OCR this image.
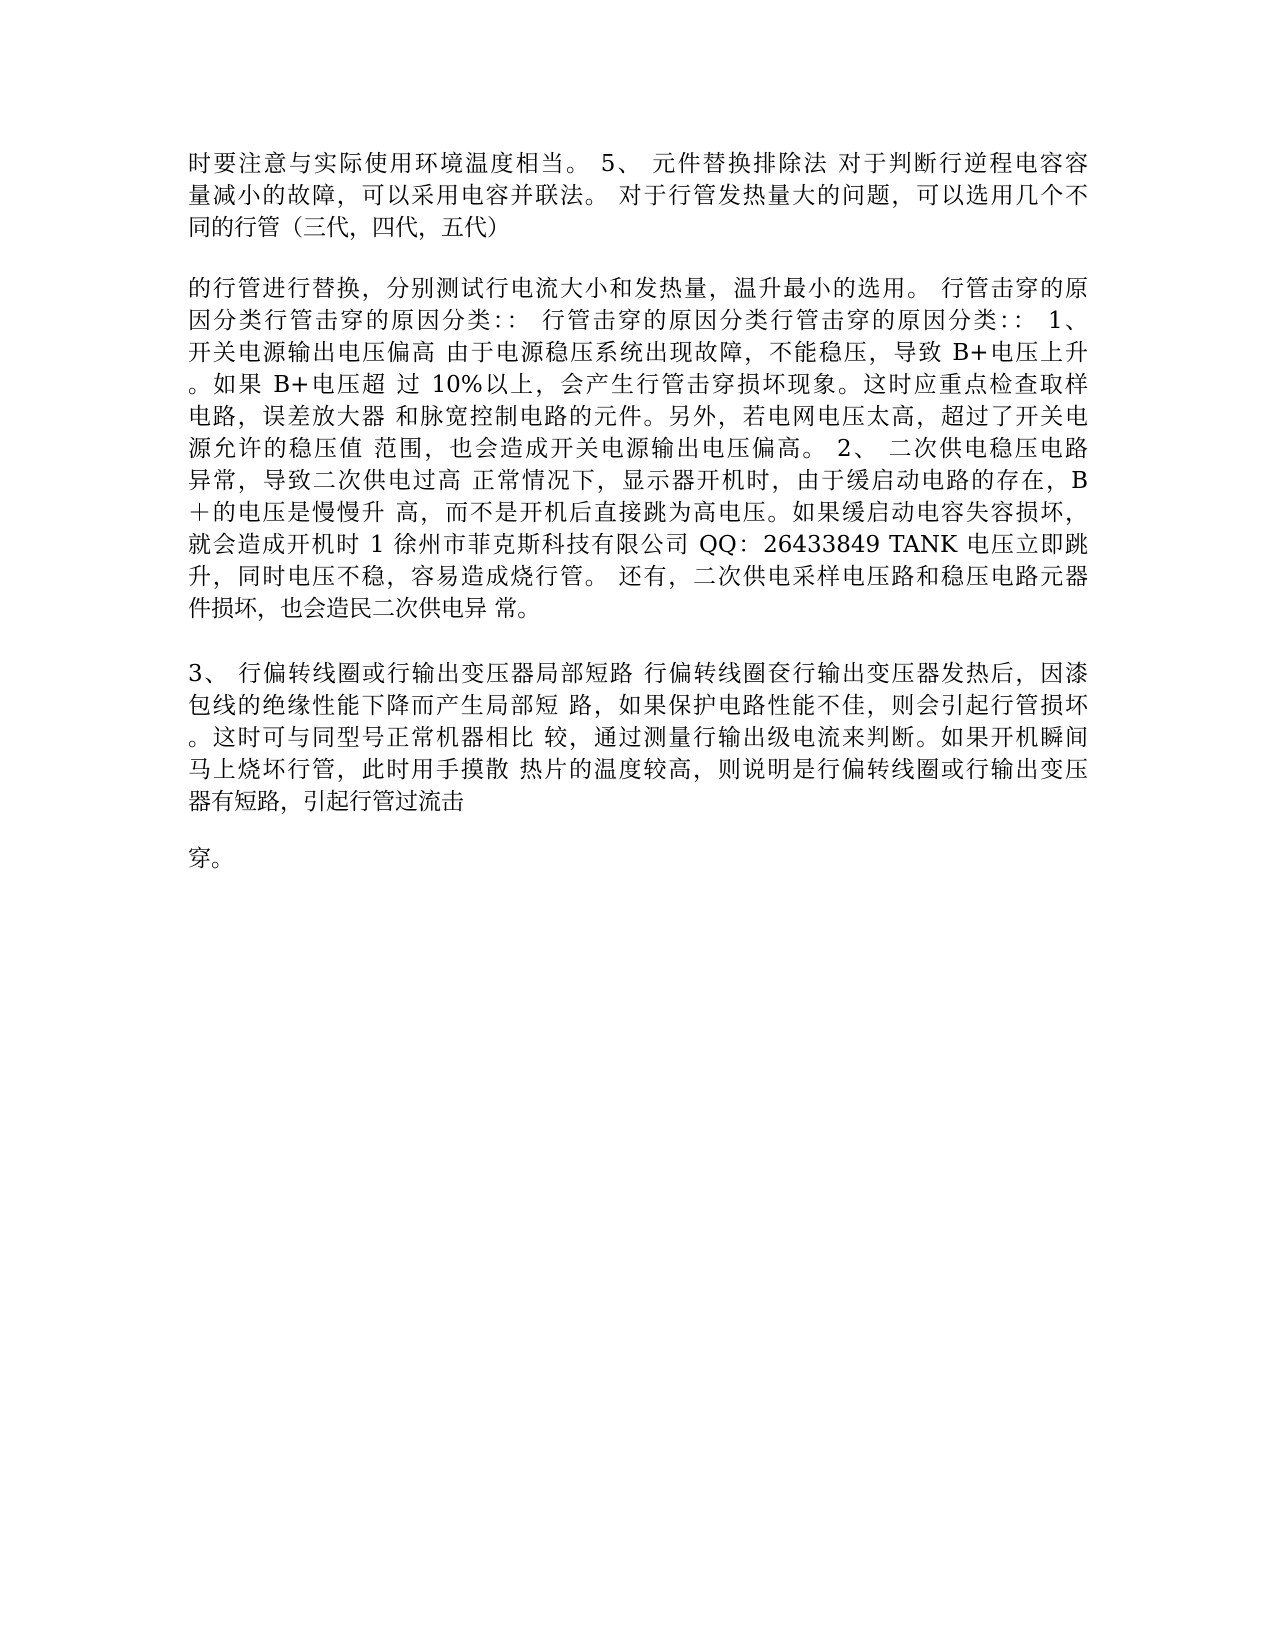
时要注意与实际使用环境温度相当。 5、 元件替换排除法 对于判断行逆程电容容
量减小的故障，可以采用电容并联法。 对于行管发热量大的问题，可以选用几个不
同的行管（三代，四代，五代）
的行管进行替换，分别测试行电流大小和发热量，温升最小的选用。 行管击穿的原
因分类行管击穿的原因分类：： 行管击穿的原因分类行管击穿的原因分类：： 1、
开关电源输出电压偏高 由于电源稳压系统出现故障，不能稳压，导致 B+电压上升
。如果 B+电压超 过 10%以上，会产生行管击穿损坏现象。这时应重点检查取样
电路，误差放大器 和脉宽控制电路的元件。另外，若电网电压太高，超过了开关电
源允许的稳压值 范围，也会造成开关电源输出电压偏高。 2、 二次供电稳压电路
异常，导致二次供电过高 正常情况下，显示器开机时，由于缓启动电路的存在，B
＋的电压是慢慢升 高，而不是开机后直接跳为高电压。如果缓启动电容失容损坏，
就会造成开机时 1 徐州市菲克斯科技有限公司 QQ：26433849 TANK 电压立即跳
升，同时电压不稳，容易造成烧行管。 还有，二次供电采样电压路和稳压电路元器
件损坏，也会造民二次供电异 常。
3、 行偏转线圈或行输出变压器局部短路 行偏转线圈奁行输出变压器发热后，因漆
包线的绝缘性能下降而产生局部短 路，如果保护电路性能不佳，则会引起行管损坏
。这时可与同型号正常机器相比 较，通过测量行输出级电流来判断。如果开机瞬间
马上烧坏行管，此时用手摸散 热片的温度较高，则说明是行偏转线圈或行输出变压
器有短路，引起行管过流击
穿。
